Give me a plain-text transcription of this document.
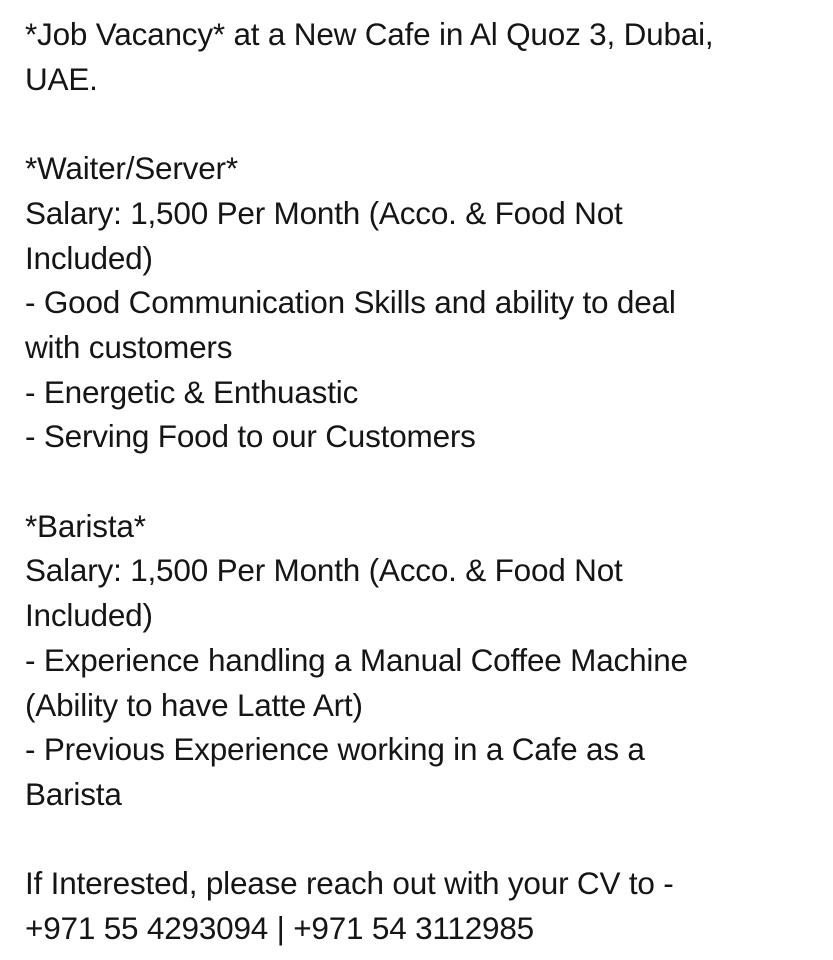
*Job Vacancy* at a New Cafe in Al Quoz 3, Dubai,
UAE.
*Waiter/Server*
Salary: 1,500 Per Month (Acco. & Food Not
Included)
- Good Communication Skills and ability to deal
with customers
- Energetic & Enthuastic
- Serving Food to our Customers
*Barista*
Salary: 1,500 Per Month (Acco. & Food Not
Included)
- Experience handling a Manual Coffee Machine
(Ability to have Latte Art)
- Previous Experience working in a Cafe as a
Barista
If Interested, please reach out with your CV to -
+971 55 4293094 | +971 54 3112985
